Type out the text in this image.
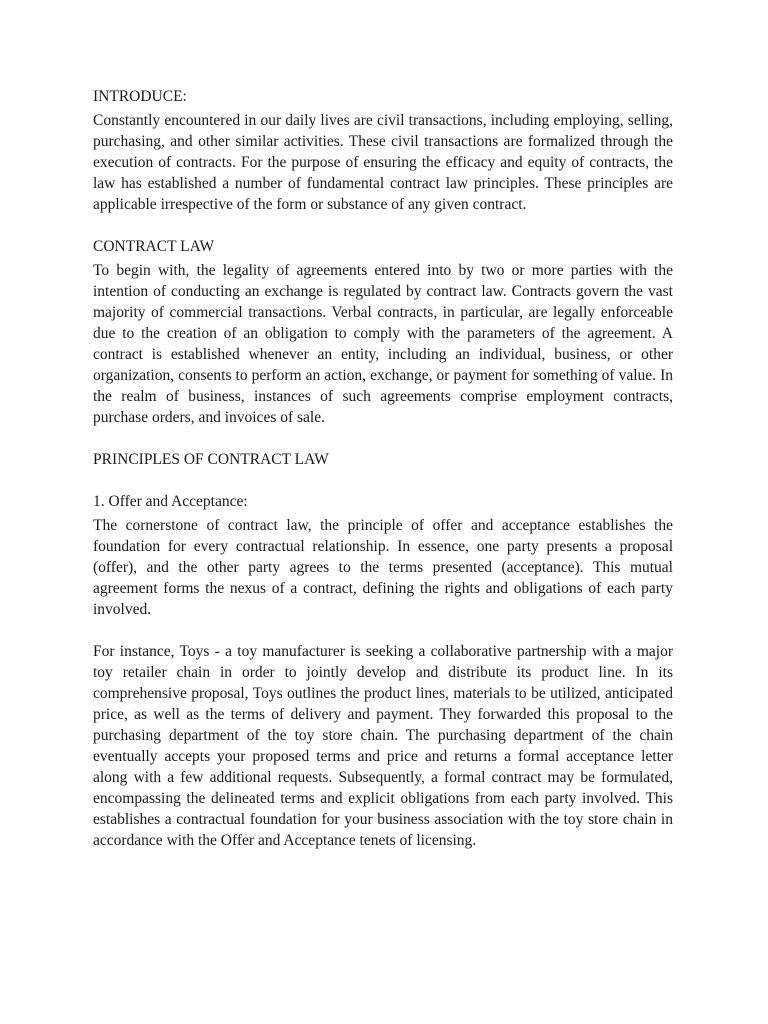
INTRODUCE:

Constantly encountered in our daily lives are civil transactions, including employing, selling, purchasing, and other similar activities. These civil transactions are formalized through the execution of contracts. For the purpose of ensuring the efficacy and equity of contracts, the law has established a number of fundamental contract law principles. These principles are applicable irrespective of the form or substance of any given contract.

CONTRACT LAW

To begin with, the legality of agreements entered into by two or more parties with the intention of conducting an exchange is regulated by contract law. Contracts govern the vast majority of commercial transactions. Verbal contracts, in particular, are legally enforceable due to the creation of an obligation to comply with the parameters of the agreement. A contract is established whenever an entity, including an individual, business, or other organization, consents to perform an action, exchange, or payment for something of value. In the realm of business, instances of such agreements comprise employment contracts, purchase orders, and invoices of sale.

PRINCIPLES OF CONTRACT LAW
1. Offer and Acceptance:

The cornerstone of contract law, the principle of offer and acceptance establishes the foundation for every contractual relationship. In essence, one party presents a proposal (offer), and the other party agrees to the terms presented (acceptance). This mutual agreement forms the nexus of a contract, defining the rights and obligations of each party involved.

For instance, Toys - a toy manufacturer is seeking a collaborative partnership with a major toy retailer chain in order to jointly develop and distribute its product line. In its comprehensive proposal, Toys outlines the product lines, materials to be utilized, anticipated price, as well as the terms of delivery and payment. They forwarded this proposal to the purchasing department of the toy store chain. The purchasing department of the chain eventually accepts your proposed terms and price and returns a formal acceptance letter along with a few additional requests. Subsequently, a formal contract may be formulated, encompassing the delineated terms and explicit obligations from each party involved. This establishes a contractual foundation for your business association with the toy store chain in accordance with the Offer and Acceptance tenets of licensing.
